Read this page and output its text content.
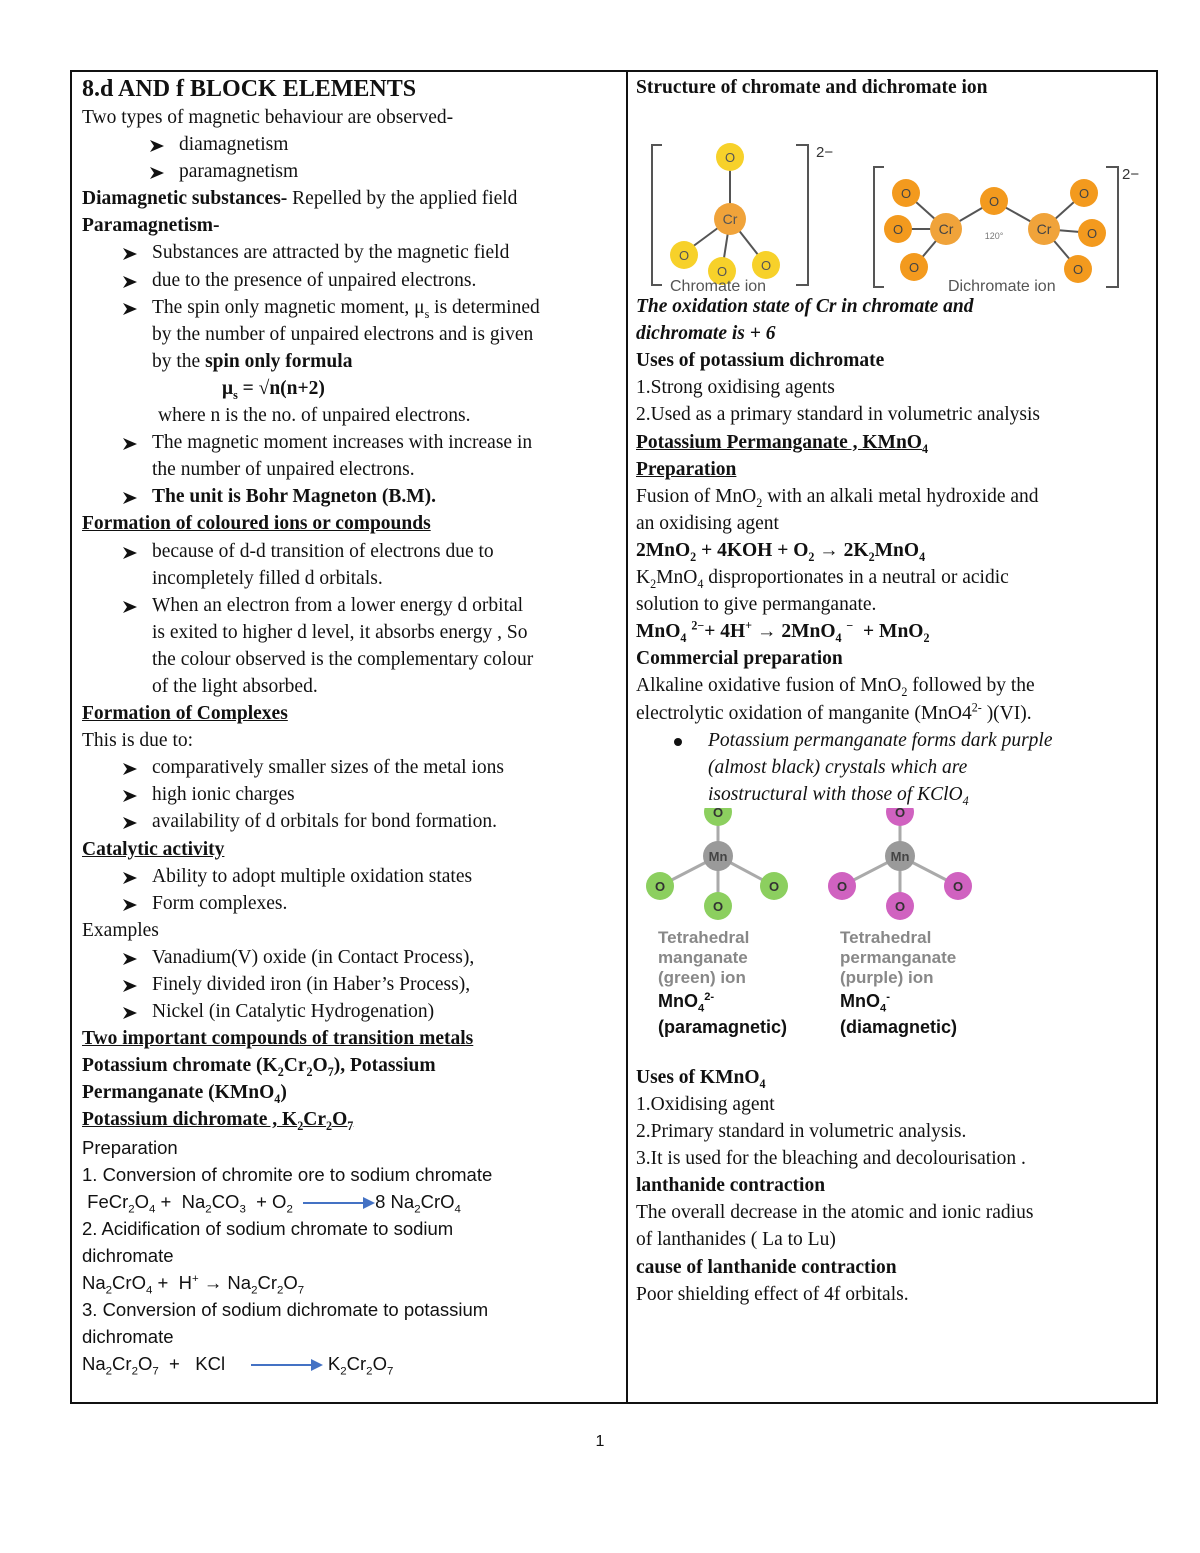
8.d AND f BLOCK ELEMENTS
Two types of magnetic behaviour are observed-
diamagnetism
paramagnetism
Diamagnetic substances- Repelled by the applied field
Paramagnetism-
Substances are attracted by the magnetic field
due to the presence of unpaired electrons.
The spin only magnetic moment, $\mu_s$ is determined
by the number of unpaired electrons and is given
by the spin only formula
$\mu_s = √n(n+2)$
where n is the no. of unpaired electrons.
The magnetic moment increases with increase in
the number of unpaired electrons.
The unit is Bohr Magneton (B.M).
Formation of coloured ions or compounds
because of d-d transition of electrons due to
incompletely filled d orbitals.
When an electron from a lower energy d orbital
is exited to higher d level, it absorbs energy , So
the colour observed is the complementary colour
of the light absorbed.
Formation of Complexes
This is due to:
comparatively smaller sizes of the metal ions
high ionic charges
availability of d orbitals for bond formation.
Catalytic activity
Ability to adopt multiple oxidation states
Form complexes.
Examples
Vanadium(V) oxide (in Contact Process),
Finely divided iron (in Haber’s Process),
Nickel (in Catalytic Hydrogenation)
Two important compounds of transition metals
Potassium chromate $(K_2Cr_2O_7)$, Potassium
Permanganate (KMnO$_4$)
Potassium dichromate , $K_2Cr_2O_7$
Preparation
1. Conversion of chromite ore to sodium chromate
$FeCr_2O_4 + Na_2CO_3 + O_2 \to 8$ $Na_2CrO_4$
2. Acidification of sodium chromate to sodium
dichromate
$Na_2CrO_4 + H^+ \to Na_2Cr_2O_7$
3. Conversion of sodium dichromate to potassium
dichromate
$Na_2Cr_2O_7$  +   KCl → $K_2Cr_2O_7$
Structure of chromate and dichromate ion
O
Cr
O
O	O
O
O
O
Cr
O
Cr
O
O
O
120°
2−
2−
Chromate ion	Dichromate ion
The oxidation state of Cr in chromate and
dichromate is + 6
Uses of potassium dichromate
1.Strong oxidising agents
2.Used as a primary standard in volumetric analysis
Potassium Permanganate , KMnO$_4$
Preparation
Fusion of MnO$_2$ with an alkali metal hydroxide and
an oxidising agent
$2MnO_2 + 4KOH + O_2 \to 2K_2MnO_4$
$K_2MnO_4$ disproportionates in a neutral or acidic
solution to give permanganate.
MnO$_4$ $^{2-}$+ 4H+ → 2MnO$_4$ −  + MnO$_2$
Commercial preparation
Alkaline oxidative fusion of MnO$_2$ followed by the
electrolytic oxidation of manganite ($MnO4^{2-}$ )(VI).
Potassium permanganate forms dark purple
(almost black) crystals which are
isostructural with those of KClO$_4$
O
Mn
O	O
O
O
Mn
O	O
O
Tetrahedral
manganate
(green) ion
MnO$_4^{2-}$
(paramagnetic)
Tetrahedral
permanganate
(purple) ion
MnO$_4$-
(diamagnetic)
Uses of KMnO$_4$
1.Oxidising agent
2.Primary standard in volumetric analysis.
3.It is used for the bleaching and decolourisation .
lanthanide contraction
The overall decrease in the atomic and ionic radius
of lanthanides ( La to Lu)
cause of lanthanide contraction
Poor shielding effect of 4f orbitals.
1
